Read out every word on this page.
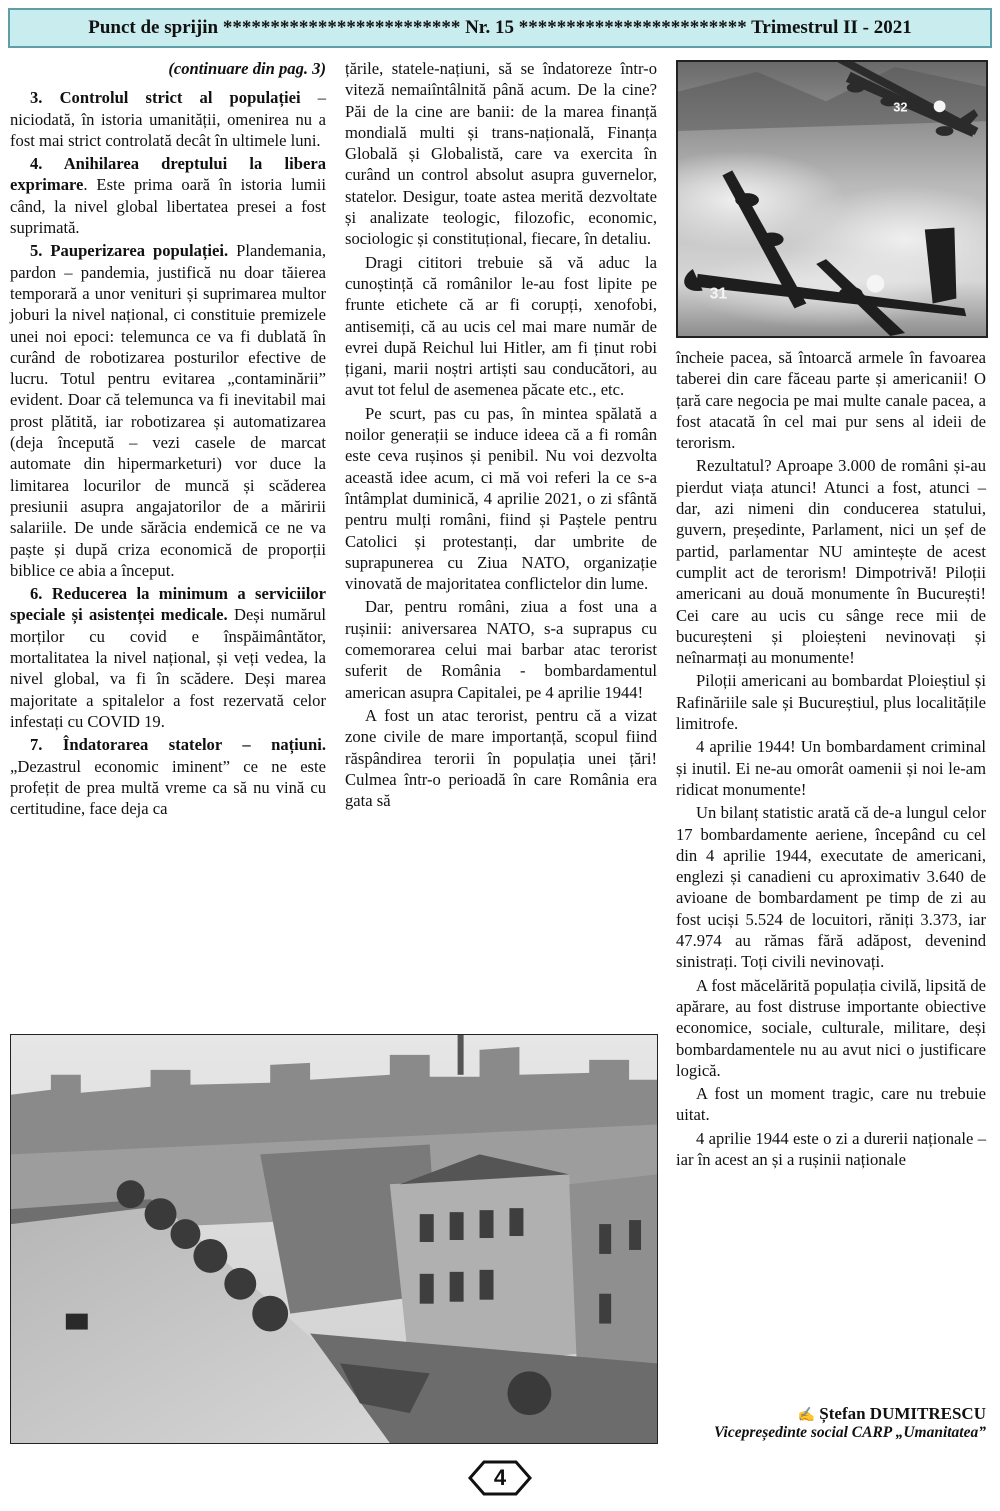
Punct de sprijin ************************* Nr. 15 ************************ Trimestrul II - 2021

(continuare din pag. 3)

3. Controlul strict al populației – niciodată, în istoria umanității, omenirea nu a fost mai strict controlată decât în ultimele luni.

4. Anihilarea dreptului la libera exprimare. Este prima oară în istoria lumii când, la nivel global libertatea presei a fost suprimată.

5. Pauperizarea populației. Plandemania, pardon – pandemia, justifică nu doar tăierea temporară a unor venituri și suprimarea multor joburi la nivel național, ci constituie premizele unei noi epoci: telemunca ce va fi dublată în curând de robotizarea posturilor efective de lucru. Totul pentru evitarea „contaminării” evident. Doar că telemunca va fi inevitabil mai prost plătită, iar robotizarea și automatizarea (deja începută – vezi casele de marcat automate din hipermarketuri) vor duce la limitarea locurilor de muncă și scăderea presiunii asupra angajatorilor de a măririi salariile. De unde sărăcia endemică ce ne va paște și după criza economică de proporții biblice ce abia a început.

6. Reducerea la minimum a serviciilor speciale și asistenței medicale. Deși numărul morților cu covid e înspăimântător, mortalitatea la nivel național, și veți vedea, la nivel global, va fi în scădere. Deși marea majoritate a spitalelor a fost rezervată celor infestați cu COVID 19.

7. Îndatorarea statelor – națiuni. „Dezastrul economic iminent” ce ne este profețit de prea multă vreme ca să nu vină cu certitudine, face deja ca

țările, statele-națiuni, să se îndatoreze într-o viteză nemaiîntâlnită până acum. De la cine? Păi de la cine are banii: de la marea finanță mondială multi și trans-națională, Finanța Globală și Globalistă, care va exercita în curând un control absolut asupra guvernelor, statelor. Desigur, toate astea merită dezvoltate și analizate teologic, filozofic, economic, sociologic și constituțional, fiecare, în detaliu.

Dragi cititori trebuie să vă aduc la cunoștință că românilor le-au fost lipite pe frunte etichete că ar fi corupți, xenofobi, antisemiți, că au ucis cel mai mare număr de evrei după Reichul lui Hitler, am fi ținut robi țigani, marii noștri artiști sau conducători, au avut tot felul de asemenea păcate etc., etc.

Pe scurt, pas cu pas, în mintea spălată a noilor generații se induce ideea că a fi român este ceva rușinos și penibil. Nu voi dezvolta această idee acum, ci mă voi referi la ce s-a întâmplat duminică, 4 aprilie 2021, o zi sfântă pentru mulți români, fiind și Paștele pentru Catolici și protestanți, dar umbrite de suprapunerea cu Ziua NATO, organizație vinovată de majoritatea conflictelor din lume.

Dar, pentru români, ziua a fost una a rușinii: aniversarea NATO, s-a suprapus cu comemorarea celui mai barbar atac terorist suferit de România - bombardamentul american asupra Capitalei, pe 4 aprilie 1944!

A fost un atac terorist, pentru că a vizat zone civile de mare importanță, scopul fiind răspândirea terorii în populația unei țări! Culmea într-o perioadă în care România era gata să

încheie pacea, să întoarcă armele în favoarea taberei din care făceau parte și americanii! O țară care negocia pe mai multe canale pacea, a fost atacată în cel mai pur sens al ideii de terorism.

Rezultatul? Aproape 3.000 de români și-au pierdut viața atunci! Atunci a fost, atunci – dar, azi nimeni din conducerea statului, guvern, președinte, Parlament, nici un șef de partid, parlamentar NU amintește de acest cumplit act de terorism! Dimpotrivă! Piloții americani au două monumente în București! Cei care au ucis cu sânge rece mii de bucureșteni și ploieșteni nevinovați și neînarmați au monumente!

Piloții americani au bombardat Ploieștiul și Rafinăriile sale și Bucureștiul, plus localitățile limitrofe.

4 aprilie 1944! Un bombardament criminal și inutil. Ei ne-au omorât oamenii și noi le-am ridicat monumente!

Un bilanț statistic arată că de-a lungul celor 17 bombardamente aeriene, începând cu cel din 4 aprilie 1944, executate de americani, englezi și canadieni cu aproximativ 3.640 de avioane de bombardament pe timp de zi au fost uciși 5.524 de locuitori, răniți 3.373, iar 47.974 au rămas fără adăpost, devenind sinistrați. Toți civili nevinovați.

A fost măcelărită populația civilă, lipsită de apărare, au fost distruse importante obiective economice, sociale, culturale, militare, deși bombardamentele nu au avut nici o justificare logică.

A fost un moment tragic, care nu trebuie uitat.

4 aprilie 1944 este o zi a durerii naționale – iar în acest an și a rușinii naționale

32
31
✍ Ștefan DUMITRESCU
Vicepreședinte social CARP „Umanitatea”
4
